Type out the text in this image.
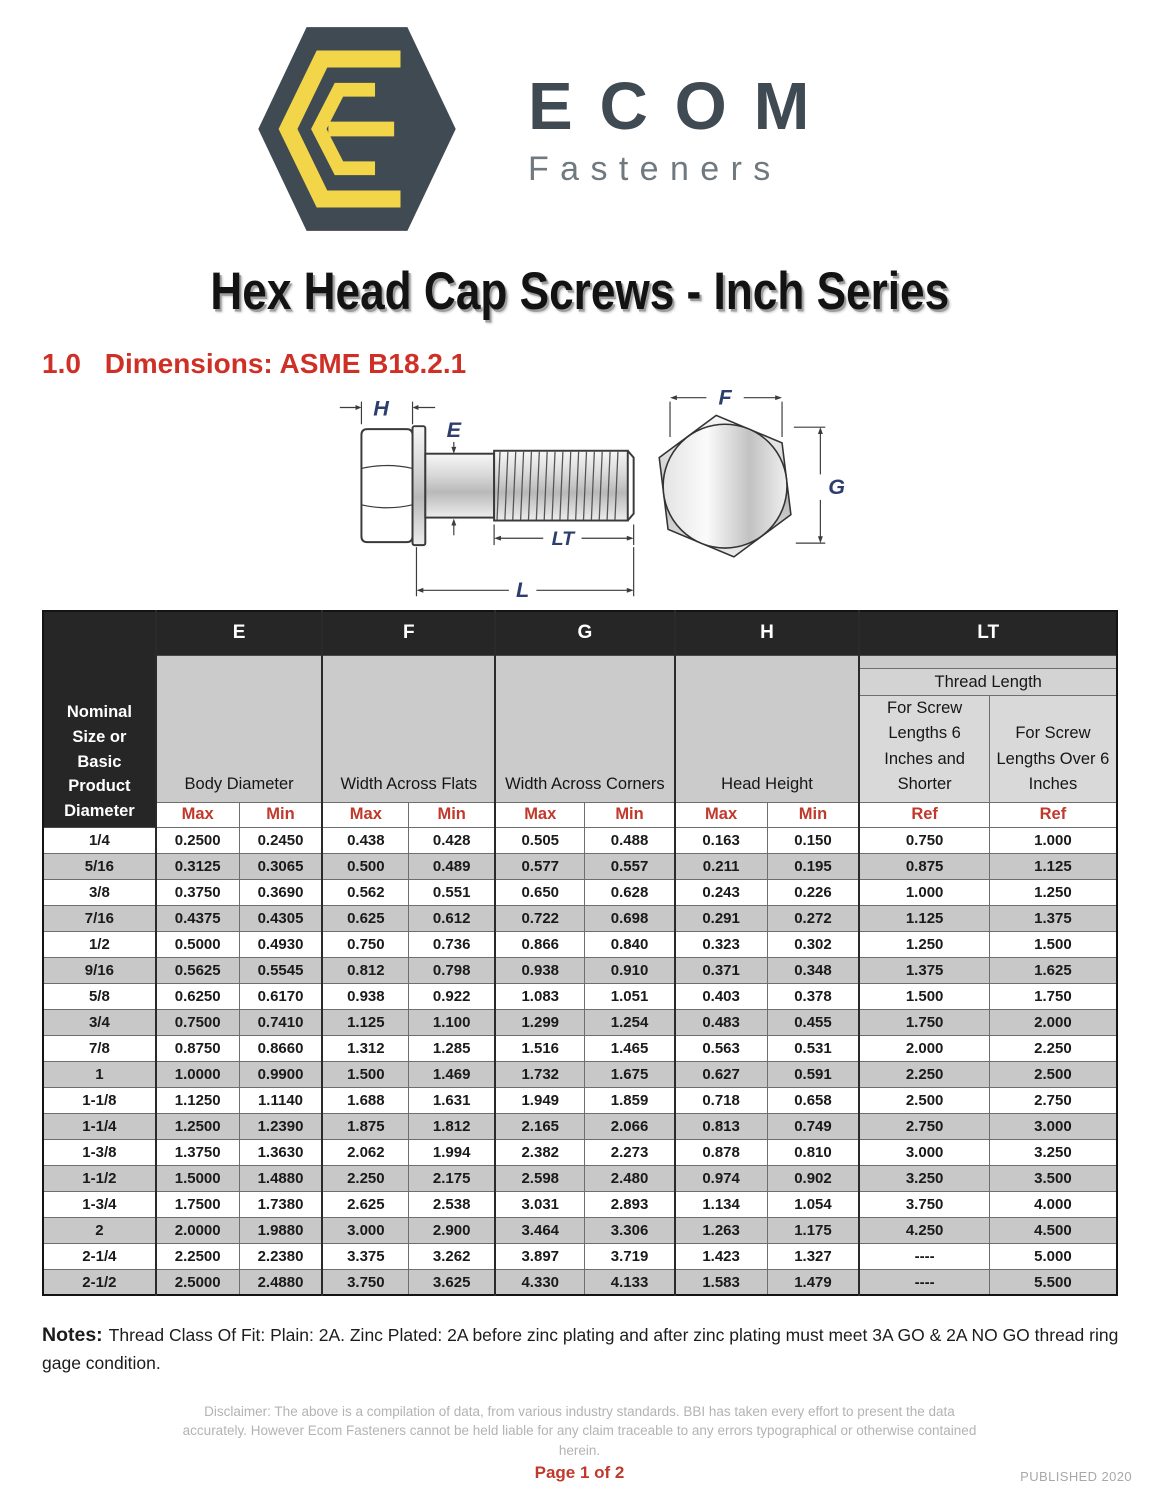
ECOM
Fasteners
Hex Head Cap Screws - Inch Series
1.0 Dimensions: ASME B18.2.1
H
E
LT
L
F
G
Nominal Size or Basic Product Diameter	E		F		G		H		LT	
	Body Diameter		Width Across Flats		Width Across Corners		Head Height			
									Thread Length	
									For Screw Lengths 6 Inches and Shorter	For Screw Lengths Over 6 Inches
	Max	Min	Max	Min	Max	Min	Max	Min	Ref	Ref
1/4	0.2500	0.2450	0.438	0.428	0.505	0.488	0.163	0.150	0.750	1.000
5/16	0.3125	0.3065	0.500	0.489	0.577	0.557	0.211	0.195	0.875	1.125
3/8	0.3750	0.3690	0.562	0.551	0.650	0.628	0.243	0.226	1.000	1.250
7/16	0.4375	0.4305	0.625	0.612	0.722	0.698	0.291	0.272	1.125	1.375
1/2	0.5000	0.4930	0.750	0.736	0.866	0.840	0.323	0.302	1.250	1.500
9/16	0.5625	0.5545	0.812	0.798	0.938	0.910	0.371	0.348	1.375	1.625
5/8	0.6250	0.6170	0.938	0.922	1.083	1.051	0.403	0.378	1.500	1.750
3/4	0.7500	0.7410	1.125	1.100	1.299	1.254	0.483	0.455	1.750	2.000
7/8	0.8750	0.8660	1.312	1.285	1.516	1.465	0.563	0.531	2.000	2.250
1	1.0000	0.9900	1.500	1.469	1.732	1.675	0.627	0.591	2.250	2.500
1-1/8	1.1250	1.1140	1.688	1.631	1.949	1.859	0.718	0.658	2.500	2.750
1-1/4	1.2500	1.2390	1.875	1.812	2.165	2.066	0.813	0.749	2.750	3.000
1-3/8	1.3750	1.3630	2.062	1.994	2.382	2.273	0.878	0.810	3.000	3.250
1-1/2	1.5000	1.4880	2.250	2.175	2.598	2.480	0.974	0.902	3.250	3.500
1-3/4	1.7500	1.7380	2.625	2.538	3.031	2.893	1.134	1.054	3.750	4.000
2	2.0000	1.9880	3.000	2.900	3.464	3.306	1.263	1.175	4.250	4.500
2-1/4	2.2500	2.2380	3.375	3.262	3.897	3.719	1.423	1.327	----	5.000
2-1/2	2.5000	2.4880	3.750	3.625	4.330	4.133	1.583	1.479	----	5.500

Notes: Thread Class Of Fit: Plain: 2A. Zinc Plated: 2A before zinc plating and after zinc plating must meet 3A GO & 2A NO GO thread ring gage condition.

Disclaimer: The above is a compilation of data, from various industry standards. BBI has taken every effort to present the data accurately. However Ecom Fasteners cannot be held liable for any claim traceable to any errors typographical or otherwise contained herein.

Page 1 of 2	PUBLISHED 2020
